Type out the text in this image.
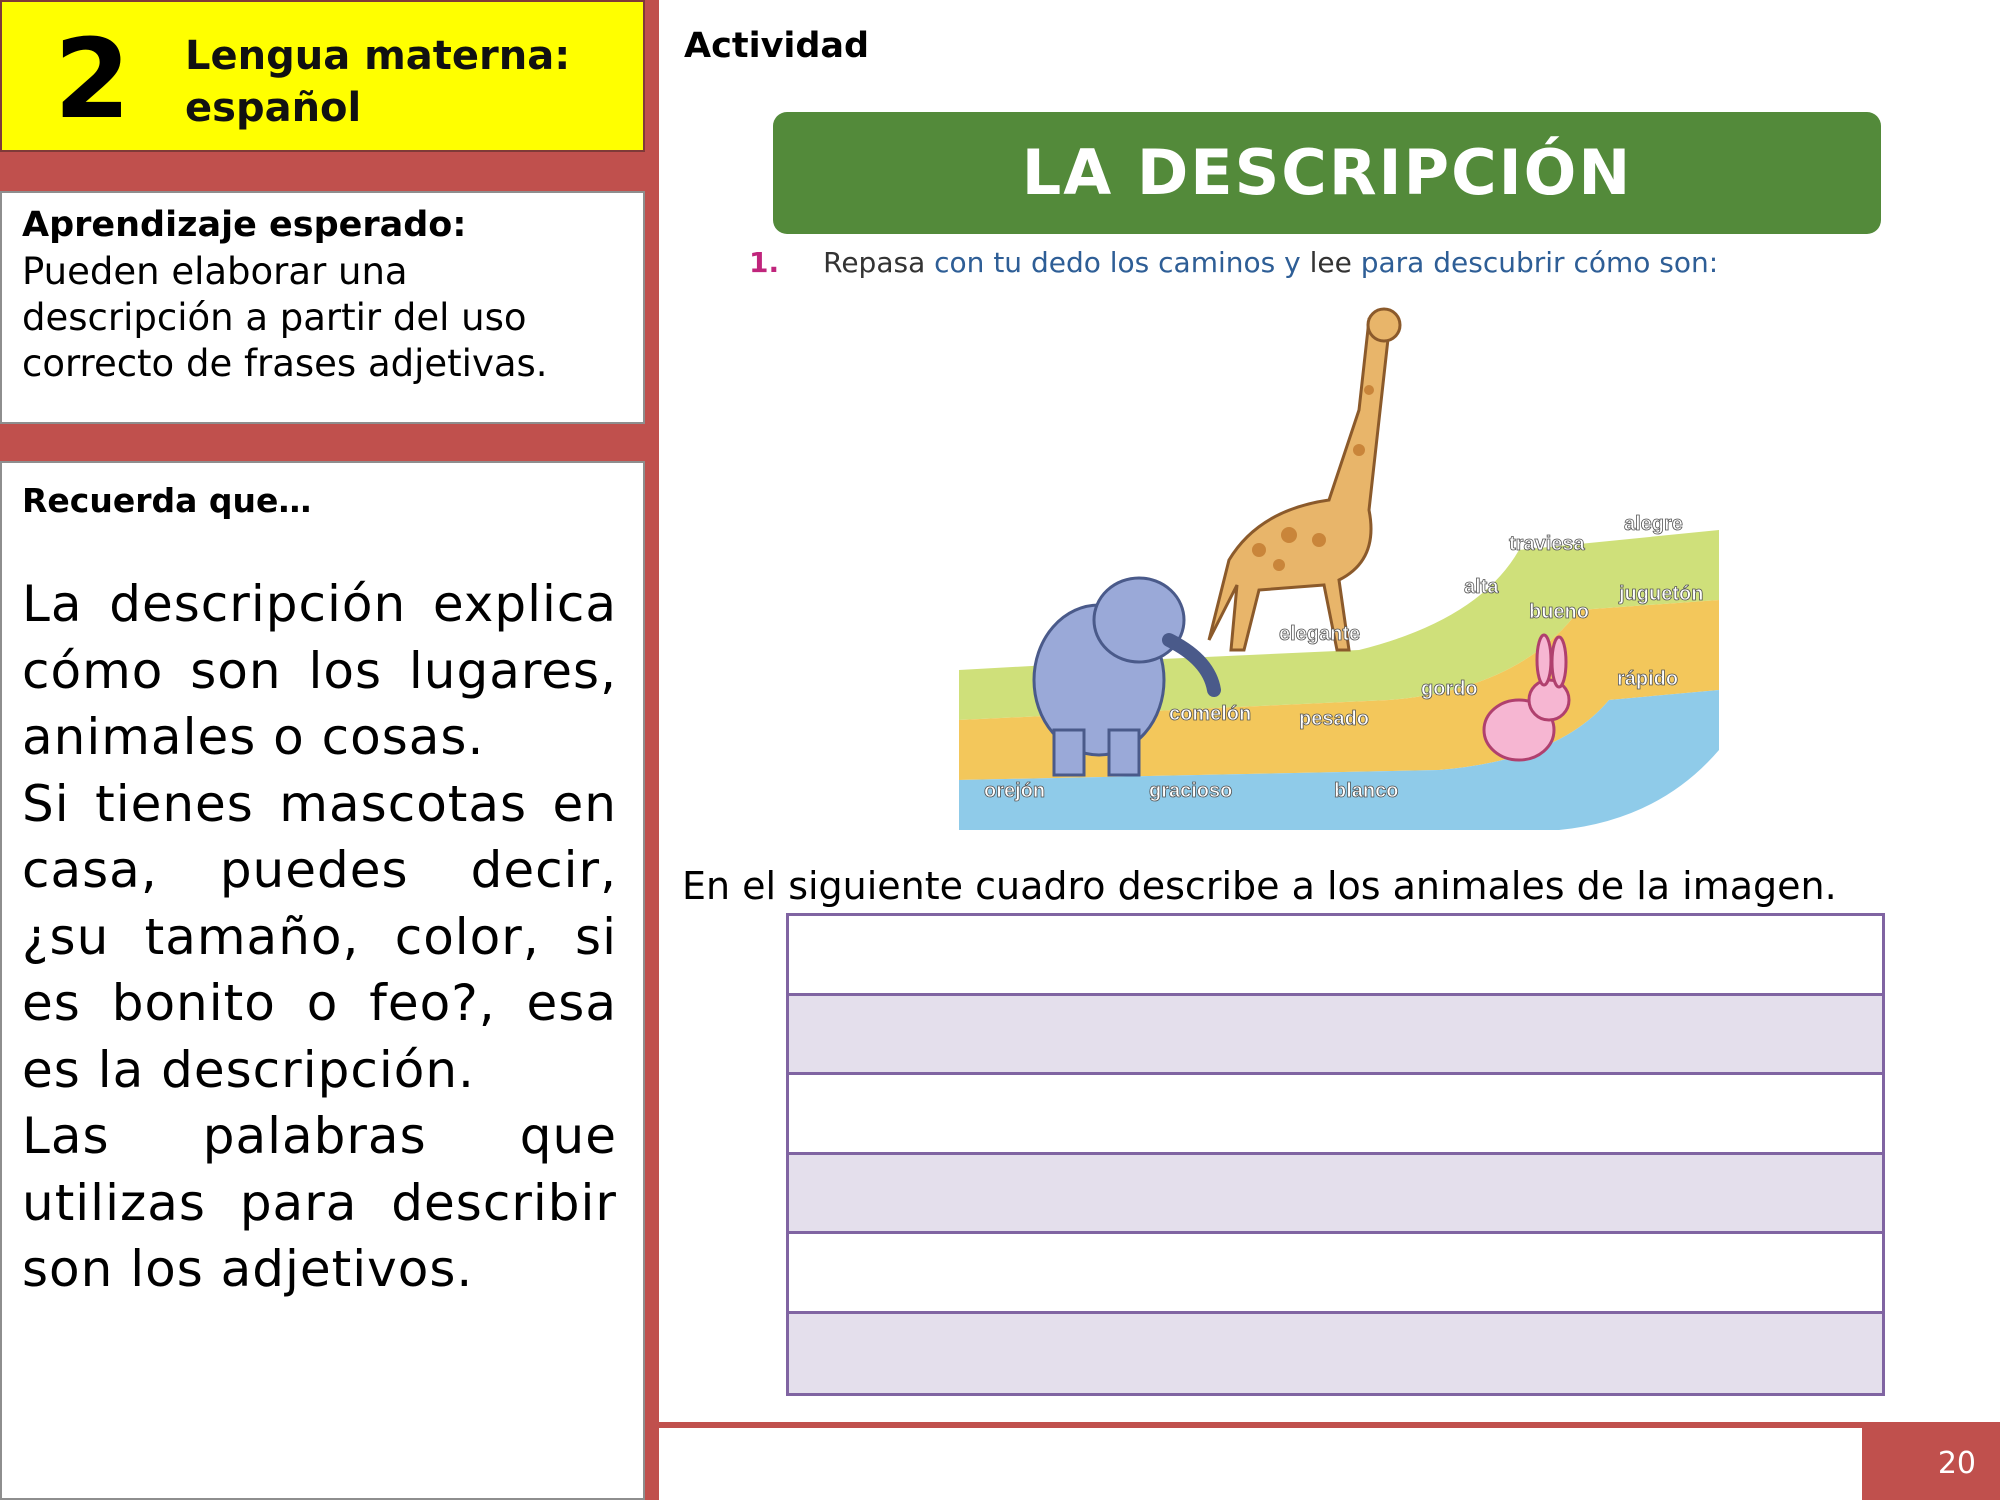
2 Lengua materna: español
Aprendizaje esperado:
Pueden elaborar una descripción a partir del uso correcto de frases adjetivas.
Recuerda que…

La descripción explica cómo son los lugares, animales o cosas.

Si tienes mascotas en casa, puedes decir, ¿su tamaño, color, si es bonito o feo?, esa es la descripción.

Las palabras que utilizas para describir son los adjetivos.

Actividad
LA DESCRIPCIÓN
1. Repasa con tu dedo los caminos y lee para descubrir cómo son:
alegre
traviesa
juguetón
alta
bueno
elegante
rápido
gordo
comelón pesado
orejón	gracioso	blanco
En el siguiente cuadro describe a los animales de la imagen.
20
